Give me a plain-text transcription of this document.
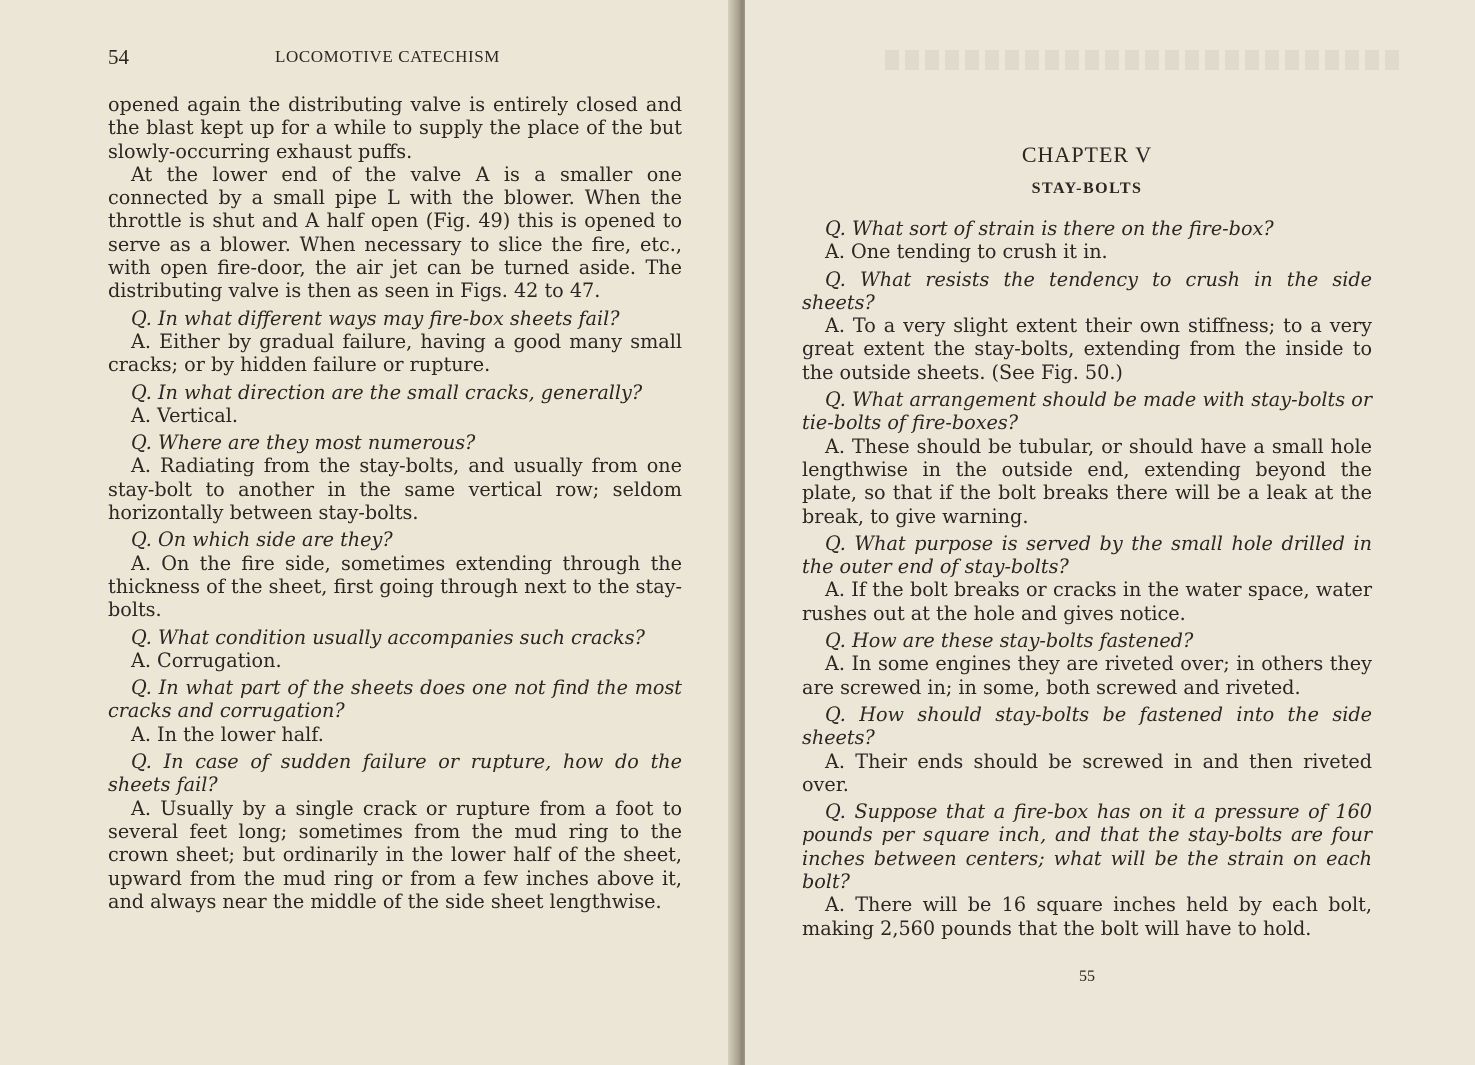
54	LOCOMOTIVE CATECHISM

opened again the distributing valve is entirely closed and the blast kept up for a while to supply the place of the but slowly-occurring exhaust puffs.

At the lower end of the valve A is a smaller one connected by a small pipe L with the blower. When the throttle is shut and A half open (Fig. 49) this is opened to serve as a blower. When necessary to slice the fire, etc., with open fire-door, the air jet can be turned aside. The distributing valve is then as seen in Figs. 42 to 47.

Q. In what different ways may fire-box sheets fail?

A. Either by gradual failure, having a good many small cracks; or by hidden failure or rupture.

Q. In what direction are the small cracks, generally?

A. Vertical.

Q. Where are they most numerous?

A. Radiating from the stay-bolts, and usually from one stay-bolt to another in the same vertical row; seldom horizontally between stay-bolts.

Q. On which side are they?

A. On the fire side, sometimes extending through the thickness of the sheet, first going through next to the stay-bolts.

Q. What condition usually accompanies such cracks?

A. Corrugation.

Q. In what part of the sheets does one not find the most cracks and corrugation?

A. In the lower half.

Q. In case of sudden failure or rupture, how do the sheets fail?

A. Usually by a single crack or rupture from a foot to several feet long; sometimes from the mud ring to the crown sheet; but ordinarily in the lower half of the sheet, upward from the mud ring or from a few inches above it, and always near the middle of the side sheet lengthwise.

CHAPTER V
STAY-BOLTS

Q. What sort of strain is there on the fire-box?

A. One tending to crush it in.

Q. What resists the tendency to crush in the side sheets?

A. To a very slight extent their own stiffness; to a very great extent the stay-bolts, extending from the inside to the outside sheets. (See Fig. 50.)

Q. What arrangement should be made with stay-bolts or tie-bolts of fire-boxes?

A. These should be tubular, or should have a small hole lengthwise in the outside end, extending beyond the plate, so that if the bolt breaks there will be a leak at the break, to give warning.

Q. What purpose is served by the small hole drilled in the outer end of stay-bolts?

A. If the bolt breaks or cracks in the water space, water rushes out at the hole and gives notice.

Q. How are these stay-bolts fastened?

A. In some engines they are riveted over; in others they are screwed in; in some, both screwed and riveted.

Q. How should stay-bolts be fastened into the side sheets?

A. Their ends should be screwed in and then riveted over.

Q. Suppose that a fire-box has on it a pressure of 160 pounds per square inch, and that the stay-bolts are four inches between centers; what will be the strain on each bolt?

A. There will be 16 square inches held by each bolt, making 2,560 pounds that the bolt will have to hold.

55
